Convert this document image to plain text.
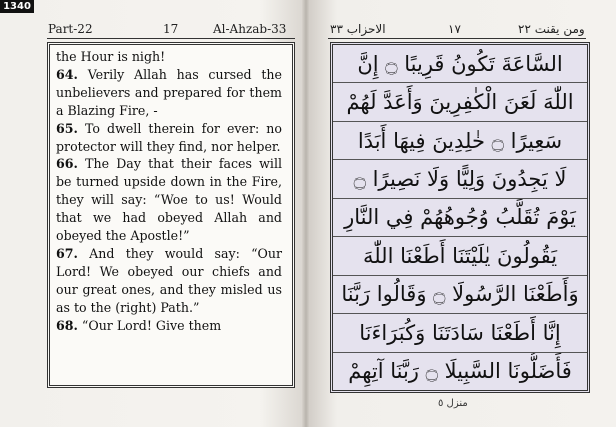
1340
Part-22	17	Al-Ahzab-33

the Hour is nigh!

64. Verily Allah has cursed the unbelievers and prepared for them a Blazing Fire, -

65. To dwell therein for ever: no protector will they find, nor helper.

66. The Day that their faces will be turned upside down in the Fire, they will say: “Woe to us! Would that we had obeyed Allah and obeyed the Apostle!”

67. And they would say: “Our Lord! We obeyed our chiefs and our great ones, and they misled us as to the (right) Path.”

68. “Our Lord! Give them

الاحزاب ٣٣	١٧	ومن يقنت ٢٢
السَّاعَةَ تَكُونُ قَرِيبًا ۝ إِنَّ
اللّٰهَ لَعَنَ الْكٰفِرِينَ وَأَعَدَّ لَهُمْ
سَعِيرًا ۝ خٰلِدِينَ فِيهَا أَبَدًا
لَا يَجِدُونَ وَلِيًّا وَلَا نَصِيرًا ۝
يَوْمَ تُقَلَّبُ وُجُوهُهُمْ فِي النَّارِ
يَقُولُونَ يٰلَيْتَنَا أَطَعْنَا اللّٰهَ
وَأَطَعْنَا الرَّسُولَا ۝ وَقَالُوا رَبَّنَا
إِنَّا أَطَعْنَا سَادَتَنَا وَكُبَرَاءَنَا
فَأَضَلُّونَا السَّبِيلَا ۝ رَبَّنَا آتِهِمْ
منزل ٥
